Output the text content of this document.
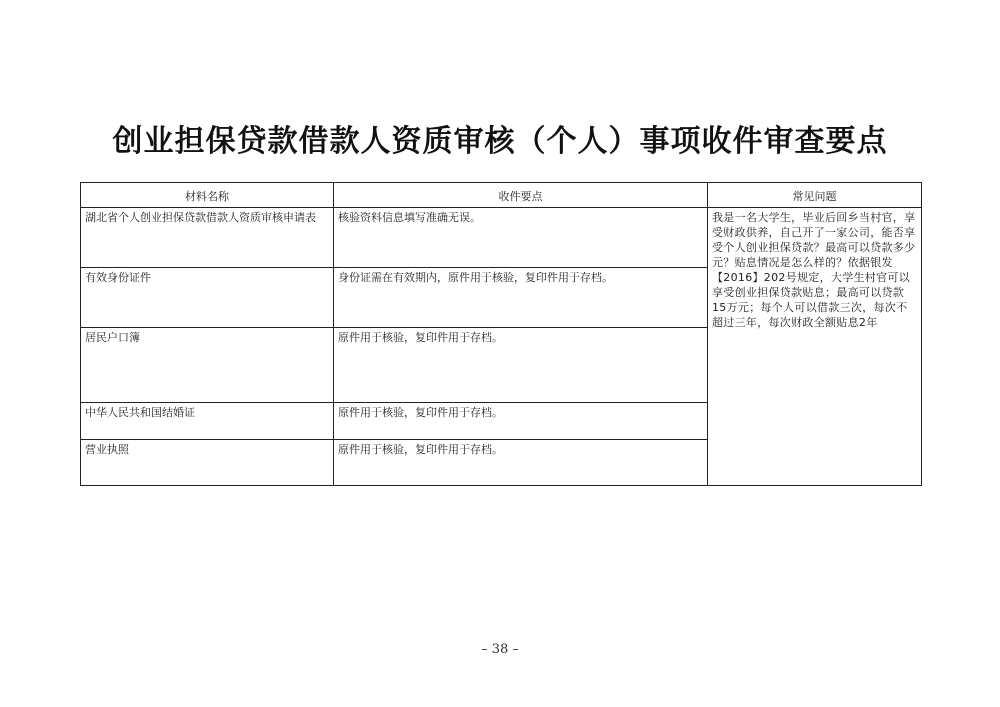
创业担保贷款借款人资质审核（个人）事项收件审查要点
材料名称	收件要点	常见问题
湖北省个人创业担保贷款借款人资质审核申请表	核验资料信息填写准确无误。	我是一名大学生，毕业后回乡当村官，享受财政供养，自己开了一家公司，能否享受个人创业担保贷款？最高可以贷款多少元？贴息情况是怎么样的？依据银发【2016】202号规定，大学生村官可以享受创业担保贷款贴息；最高可以贷款15万元；每个人可以借款三次，每次不超过三年，每次财政全额贴息2年
有效身份证件	身份证需在有效期内，原件用于核验，复印件用于存档。	
居民户口簿	原件用于核验，复印件用于存档。	
中华人民共和国结婚证	原件用于核验，复印件用于存档。	
营业执照	原件用于核验，复印件用于存档。	
– 38 –
